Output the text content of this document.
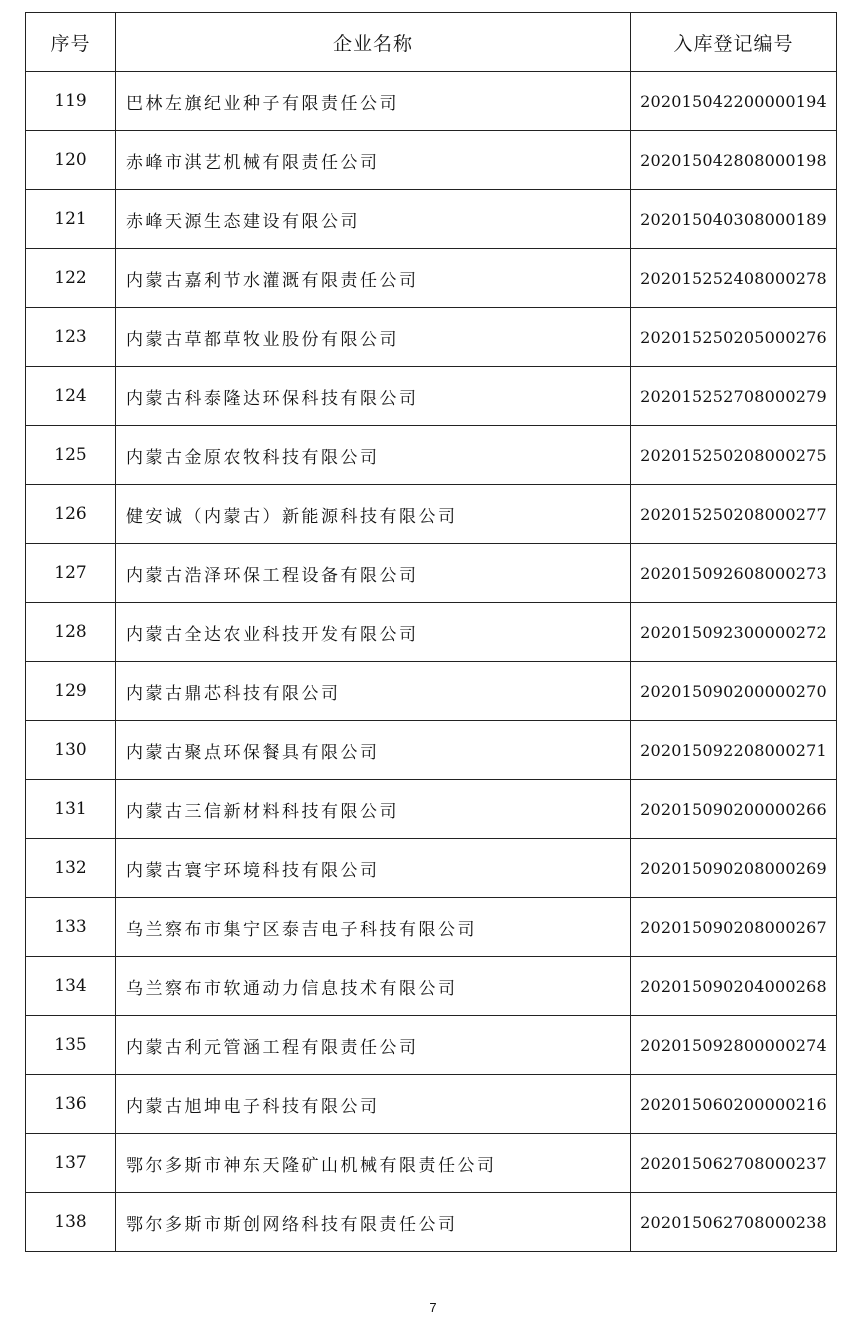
序号	企业名称	入库登记编号
119	巴林左旗纪业种子有限责任公司	202015042200000194
120	赤峰市淇艺机械有限责任公司	202015042808000198
121	赤峰天源生态建设有限公司	202015040308000189
122	内蒙古嘉利节水灌溉有限责任公司	202015252408000278
123	内蒙古草都草牧业股份有限公司	202015250205000276
124	内蒙古科泰隆达环保科技有限公司	202015252708000279
125	内蒙古金原农牧科技有限公司	202015250208000275
126	健安诚（内蒙古）新能源科技有限公司	202015250208000277
127	内蒙古浩泽环保工程设备有限公司	202015092608000273
128	内蒙古全达农业科技开发有限公司	202015092300000272
129	内蒙古鼎芯科技有限公司	202015090200000270
130	内蒙古聚点环保餐具有限公司	202015092208000271
131	内蒙古三信新材料科技有限公司	202015090200000266
132	内蒙古寰宇环境科技有限公司	202015090208000269
133	乌兰察布市集宁区泰吉电子科技有限公司	202015090208000267
134	乌兰察布市软通动力信息技术有限公司	202015090204000268
135	内蒙古利元管涵工程有限责任公司	202015092800000274
136	内蒙古旭坤电子科技有限公司	202015060200000216
137	鄂尔多斯市神东天隆矿山机械有限责任公司	202015062708000237
138	鄂尔多斯市斯创网络科技有限责任公司	202015062708000238
7
